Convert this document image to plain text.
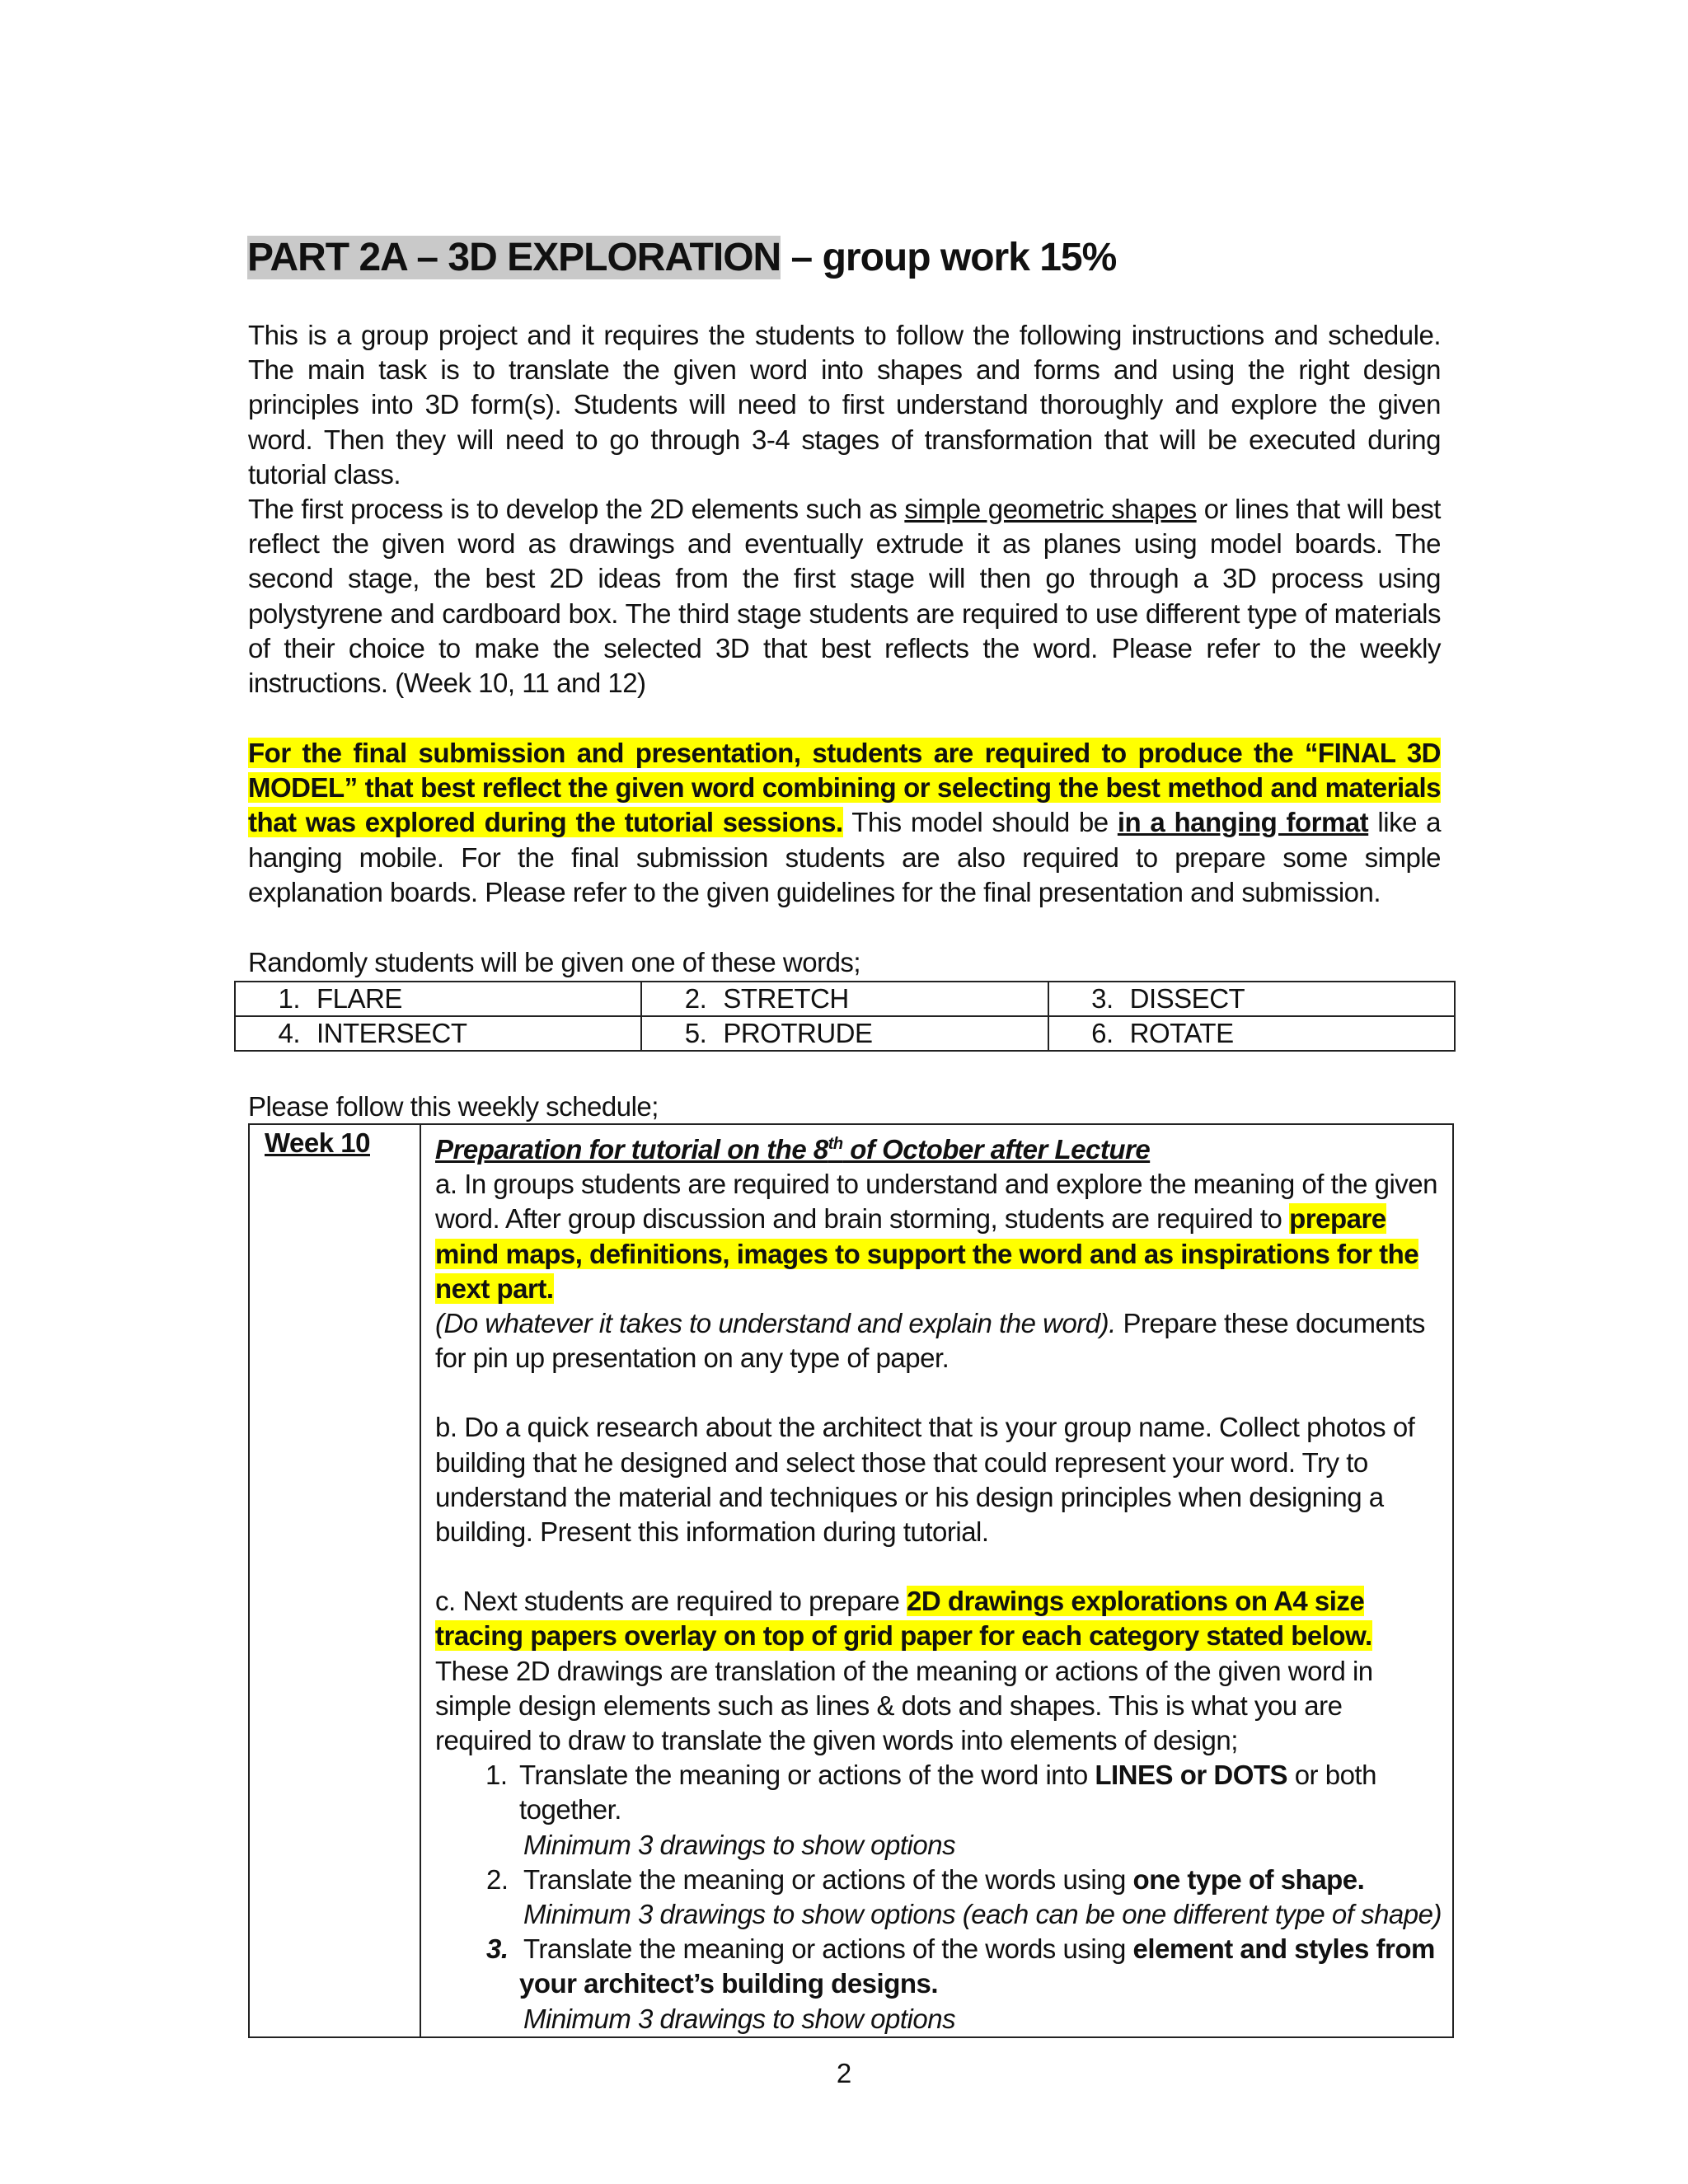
PART 2A – 3D EXPLORATION – group work 15%
This is a group project and it requires the students to follow the following instructions and schedule. The main task is to translate the given word into shapes and forms and using the right design principles into 3D form(s). Students will need to first understand thoroughly and explore the given word. Then they will need to go through 3-4 stages of transformation that will be executed during tutorial class.
The first process is to develop the 2D elements such as simple geometric shapes or lines that will best reflect the given word as drawings and eventually extrude it as planes using model boards. The second stage, the best 2D ideas from the first stage will then go through a 3D process using polystyrene and cardboard box. The third stage students are required to use different type of materials of their choice to make the selected 3D that best reflects the word. Please refer to the weekly instructions. (Week 10, 11 and 12)
For the final submission and presentation, students are required to produce the “FINAL 3D MODEL” that best reflect the given word combining or selecting the best method and materials that was explored during the tutorial sessions. This model should be in a hanging format like a hanging mobile. For the final submission students are also required to prepare some simple explanation boards. Please refer to the given guidelines for the final presentation and submission.
Randomly students will be given one of these words;
1. FLARE	2. STRETCH	3. DISSECT
4. INTERSECT	5. PROTRUDE	6. ROTATE
Please follow this weekly schedule;
Week 10	Preparation for tutorial on the 8th of October after Lecture

a. In groups students are required to understand and explore the meaning of the given word. After group discussion and brain storming, students are required to prepare mind maps, definitions, images to support the word and as inspirations for the next part.
(Do whatever it takes to understand and explain the word). Prepare these documents for pin up presentation on any type of paper.

b. Do a quick research about the architect that is your group name. Collect photos of building that he designed and select those that could represent your word. Try to understand the material and techniques or his design principles when designing a building. Present this information during tutorial.

c. Next students are required to prepare 2D drawings explorations on A4 size tracing papers overlay on top of grid paper for each category stated below. These 2D drawings are translation of the meaning or actions of the given word in simple design elements such as lines & dots and shapes. This is what you are required to draw to translate the given words into elements of design;

1. Translate the meaning or actions of the word into LINES or DOTS or both together.
Minimum 3 drawings to show options
2. Translate the meaning or actions of the words using one type of shape.
Minimum 3 drawings to show options (each can be one different type of shape)
3. Translate the meaning or actions of the words using element and styles from your architect’s building designs.
Minimum 3 drawings to show options
2
